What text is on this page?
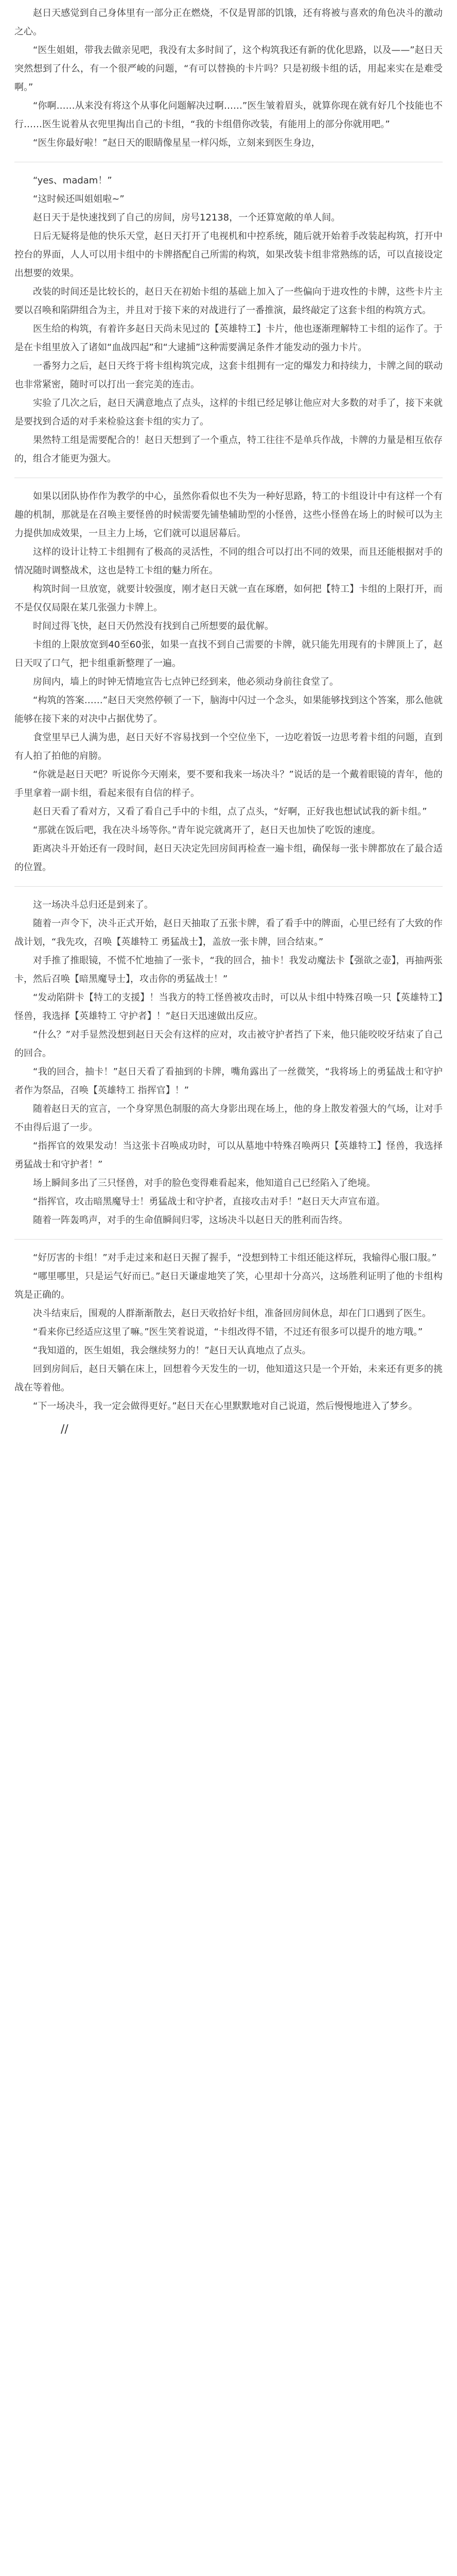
赵日天感觉到自己身体里有一部分正在燃烧，不仅是胃部的饥饿，还有将被与喜欢的角色决斗的激动之心。

“医生姐姐，带我去做亲见吧，我没有太多时间了，这个构筑我还有新的优化思路，以及——”赵日天突然想到了什么，有一个很严峻的问题，“有可以替换的卡片吗？只是初级卡组的话，用起来实在是难受啊。”

“你啊……从来没有将这个从事化问题解决过啊……”医生皱着眉头，就算你现在就有好几个技能也不行……医生说着从衣兜里掏出自己的卡组，“我的卡组借你改装，有能用上的部分你就用吧。”

“医生你最好啦！”赵日天的眼睛像星星一样闪烁，立刻来到医生身边，

“yes、madam！”

“这时候还叫姐姐啦~”

赵日天于是快速找到了自己的房间，房号12138，一个还算宽敞的单人间。

日后无疑将是他的快乐天堂，赵日天打开了电视机和中控系统，随后就开始着手改装起构筑，打开中控台的界面，人人可以用卡组中的卡牌搭配自己所需的构筑，如果改装卡组非常熟练的话，可以直接设定出想要的效果。

改装的时间还是比较长的，赵日天在初始卡组的基础上加入了一些偏向于进攻性的卡牌，这些卡片主要以召唤和陷阱组合为主，并且对于接下来的对战进行了一番推演，最终敲定了这套卡组的构筑方式。

医生给的构筑，有着许多赵日天尚未见过的【英雄特工】卡片，他也逐渐理解特工卡组的运作了。于是在卡组里放入了诸如“血战四起”和“大逮捕”这种需要满足条件才能发动的强力卡片。

一番努力之后，赵日天终于将卡组构筑完成，这套卡组拥有一定的爆发力和持续力，卡牌之间的联动也非常紧密，随时可以打出一套完美的连击。

实验了几次之后，赵日天满意地点了点头，这样的卡组已经足够让他应对大多数的对手了，接下来就是要找到合适的对手来检验这套卡组的实力了。

果然特工组是需要配合的！赵日天想到了一个重点，特工往往不是单兵作战，卡牌的力量是相互依存的，组合才能更为强大。

如果以团队协作作为教学的中心，虽然你看似也不失为一种好思路，特工的卡组设计中有这样一个有趣的机制，那就是在召唤主要怪兽的时候需要先铺垫辅助型的小怪兽，这些小怪兽在场上的时候可以为主力提供加成效果，一旦主力上场，它们就可以退居幕后。

这样的设计让特工卡组拥有了极高的灵活性，不同的组合可以打出不同的效果，而且还能根据对手的情况随时调整战术，这也是特工卡组的魅力所在。

构筑时间一旦放宽，就要计较强度，刚才赵日天就一直在琢磨，如何把【特工】卡组的上限打开，而不是仅仅局限在某几张强力卡牌上。

时间过得飞快，赵日天仍然没有找到自己所想要的最优解。

卡组的上限放宽到40至60张，如果一直找不到自己需要的卡牌，就只能先用现有的卡牌顶上了，赵日天叹了口气，把卡组重新整理了一遍。

房间内，墙上的时钟无情地宣告七点钟已经到来，他必须动身前往食堂了。

“构筑的答案……”赵日天突然停顿了一下，脑海中闪过一个念头，如果能够找到这个答案，那么他就能够在接下来的对决中占据优势了。

食堂里早已人满为患，赵日天好不容易找到一个空位坐下，一边吃着饭一边思考着卡组的问题，直到有人拍了拍他的肩膀。

“你就是赵日天吧？听说你今天刚来，要不要和我来一场决斗？”说话的是一个戴着眼镜的青年，他的手里拿着一副卡组，看起来很有自信的样子。

赵日天看了看对方，又看了看自己手中的卡组，点了点头，“好啊，正好我也想试试我的新卡组。”

“那就在饭后吧，我在决斗场等你。”青年说完就离开了，赵日天也加快了吃饭的速度。

距离决斗开始还有一段时间，赵日天决定先回房间再检查一遍卡组，确保每一张卡牌都放在了最合适的位置。

这一场决斗总归还是到来了。

随着一声令下，决斗正式开始，赵日天抽取了五张卡牌，看了看手中的牌面，心里已经有了大致的作战计划，“我先攻，召唤【英雄特工 勇猛战士】，盖放一张卡牌，回合结束。”

对手推了推眼镜，不慌不忙地抽了一张卡，“我的回合，抽卡！我发动魔法卡【强欲之壶】，再抽两张卡，然后召唤【暗黑魔导士】，攻击你的勇猛战士！”

“发动陷阱卡【特工的支援】！当我方的特工怪兽被攻击时，可以从卡组中特殊召唤一只【英雄特工】怪兽，我选择【英雄特工 守护者】！”赵日天迅速做出反应。

“什么？”对手显然没想到赵日天会有这样的应对，攻击被守护者挡了下来，他只能咬咬牙结束了自己的回合。

“我的回合，抽卡！”赵日天看了看抽到的卡牌，嘴角露出了一丝微笑，“我将场上的勇猛战士和守护者作为祭品，召唤【英雄特工 指挥官】！”

随着赵日天的宣言，一个身穿黑色制服的高大身影出现在场上，他的身上散发着强大的气场，让对手不由得后退了一步。

“指挥官的效果发动！当这张卡召唤成功时，可以从墓地中特殊召唤两只【英雄特工】怪兽，我选择勇猛战士和守护者！”

场上瞬间多出了三只怪兽，对手的脸色变得难看起来，他知道自己已经陷入了绝境。

“指挥官，攻击暗黑魔导士！勇猛战士和守护者，直接攻击对手！”赵日天大声宣布道。

随着一阵轰鸣声，对手的生命值瞬间归零，这场决斗以赵日天的胜利而告终。

“好厉害的卡组！”对手走过来和赵日天握了握手，“没想到特工卡组还能这样玩，我输得心服口服。”

“哪里哪里，只是运气好而已。”赵日天谦虚地笑了笑，心里却十分高兴，这场胜利证明了他的卡组构筑是正确的。

决斗结束后，围观的人群渐渐散去，赵日天收拾好卡组，准备回房间休息，却在门口遇到了医生。

“看来你已经适应这里了嘛。”医生笑着说道，“卡组改得不错，不过还有很多可以提升的地方哦。”

“我知道的，医生姐姐，我会继续努力的！”赵日天认真地点了点头。

回到房间后，赵日天躺在床上，回想着今天发生的一切，他知道这只是一个开始，未来还有更多的挑战在等着他。

“下一场决斗，我一定会做得更好。”赵日天在心里默默地对自己说道，然后慢慢地进入了梦乡。

//
